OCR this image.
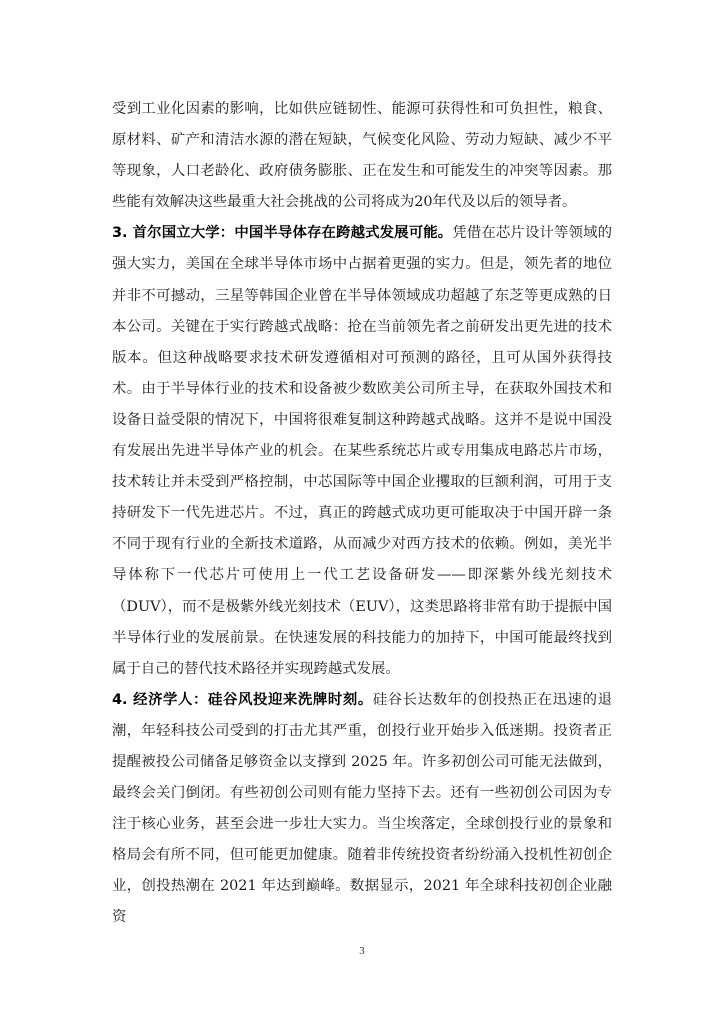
受到工业化因素的影响，比如供应链韧性、能源可获得性和可负担性，粮食、原材料、矿产和清洁水源的潜在短缺，气候变化风险、劳动力短缺、减少不平等现象，人口老龄化、政府债务膨胀、正在发生和可能发生的冲突等因素。那些能有效解决这些最重大社会挑战的公司将成为20年代及以后的领导者。

3. 首尔国立大学：中国半导体存在跨越式发展可能。凭借在芯片设计等领域的强大实力，美国在全球半导体市场中占据着更强的实力。但是，领先者的地位并非不可撼动，三星等韩国企业曾在半导体领域成功超越了东芝等更成熟的日本公司。关键在于实行跨越式战略：抢在当前领先者之前研发出更先进的技术版本。但这种战略要求技术研发遵循相对可预测的路径，且可从国外获得技术。由于半导体行业的技术和设备被少数欧美公司所主导，在获取外国技术和设备日益受限的情况下，中国将很难复制这种跨越式战略。这并不是说中国没有发展出先进半导体产业的机会。在某些系统芯片或专用集成电路芯片市场，技术转让并未受到严格控制，中芯国际等中国企业攫取的巨额利润，可用于支持研发下一代先进芯片。不过，真正的跨越式成功更可能取决于中国开辟一条不同于现有行业的全新技术道路，从而减少对西方技术的依赖。例如，美光半导体称下一代芯片可使用上一代工艺设备研发——即深紫外线光刻技术（DUV），而不是极紫外线光刻技术（EUV），这类思路将非常有助于提振中国半导体行业的发展前景。在快速发展的科技能力的加持下，中国可能最终找到属于自己的替代技术路径并实现跨越式发展。

4. 经济学人：硅谷风投迎来洗牌时刻。硅谷长达数年的创投热正在迅速的退潮，年轻科技公司受到的打击尤其严重，创投行业开始步入低迷期。投资者正提醒被投公司储备足够资金以支撑到 2025 年。许多初创公司可能无法做到，最终会关门倒闭。有些初创公司则有能力坚持下去。还有一些初创公司因为专注于核心业务，甚至会进一步壮大实力。当尘埃落定，全球创投行业的景象和格局会有所不同，但可能更加健康。随着非传统投资者纷纷涌入投机性初创企业，创投热潮在 2021 年达到巅峰。数据显示，2021 年全球科技初创企业融资

3
